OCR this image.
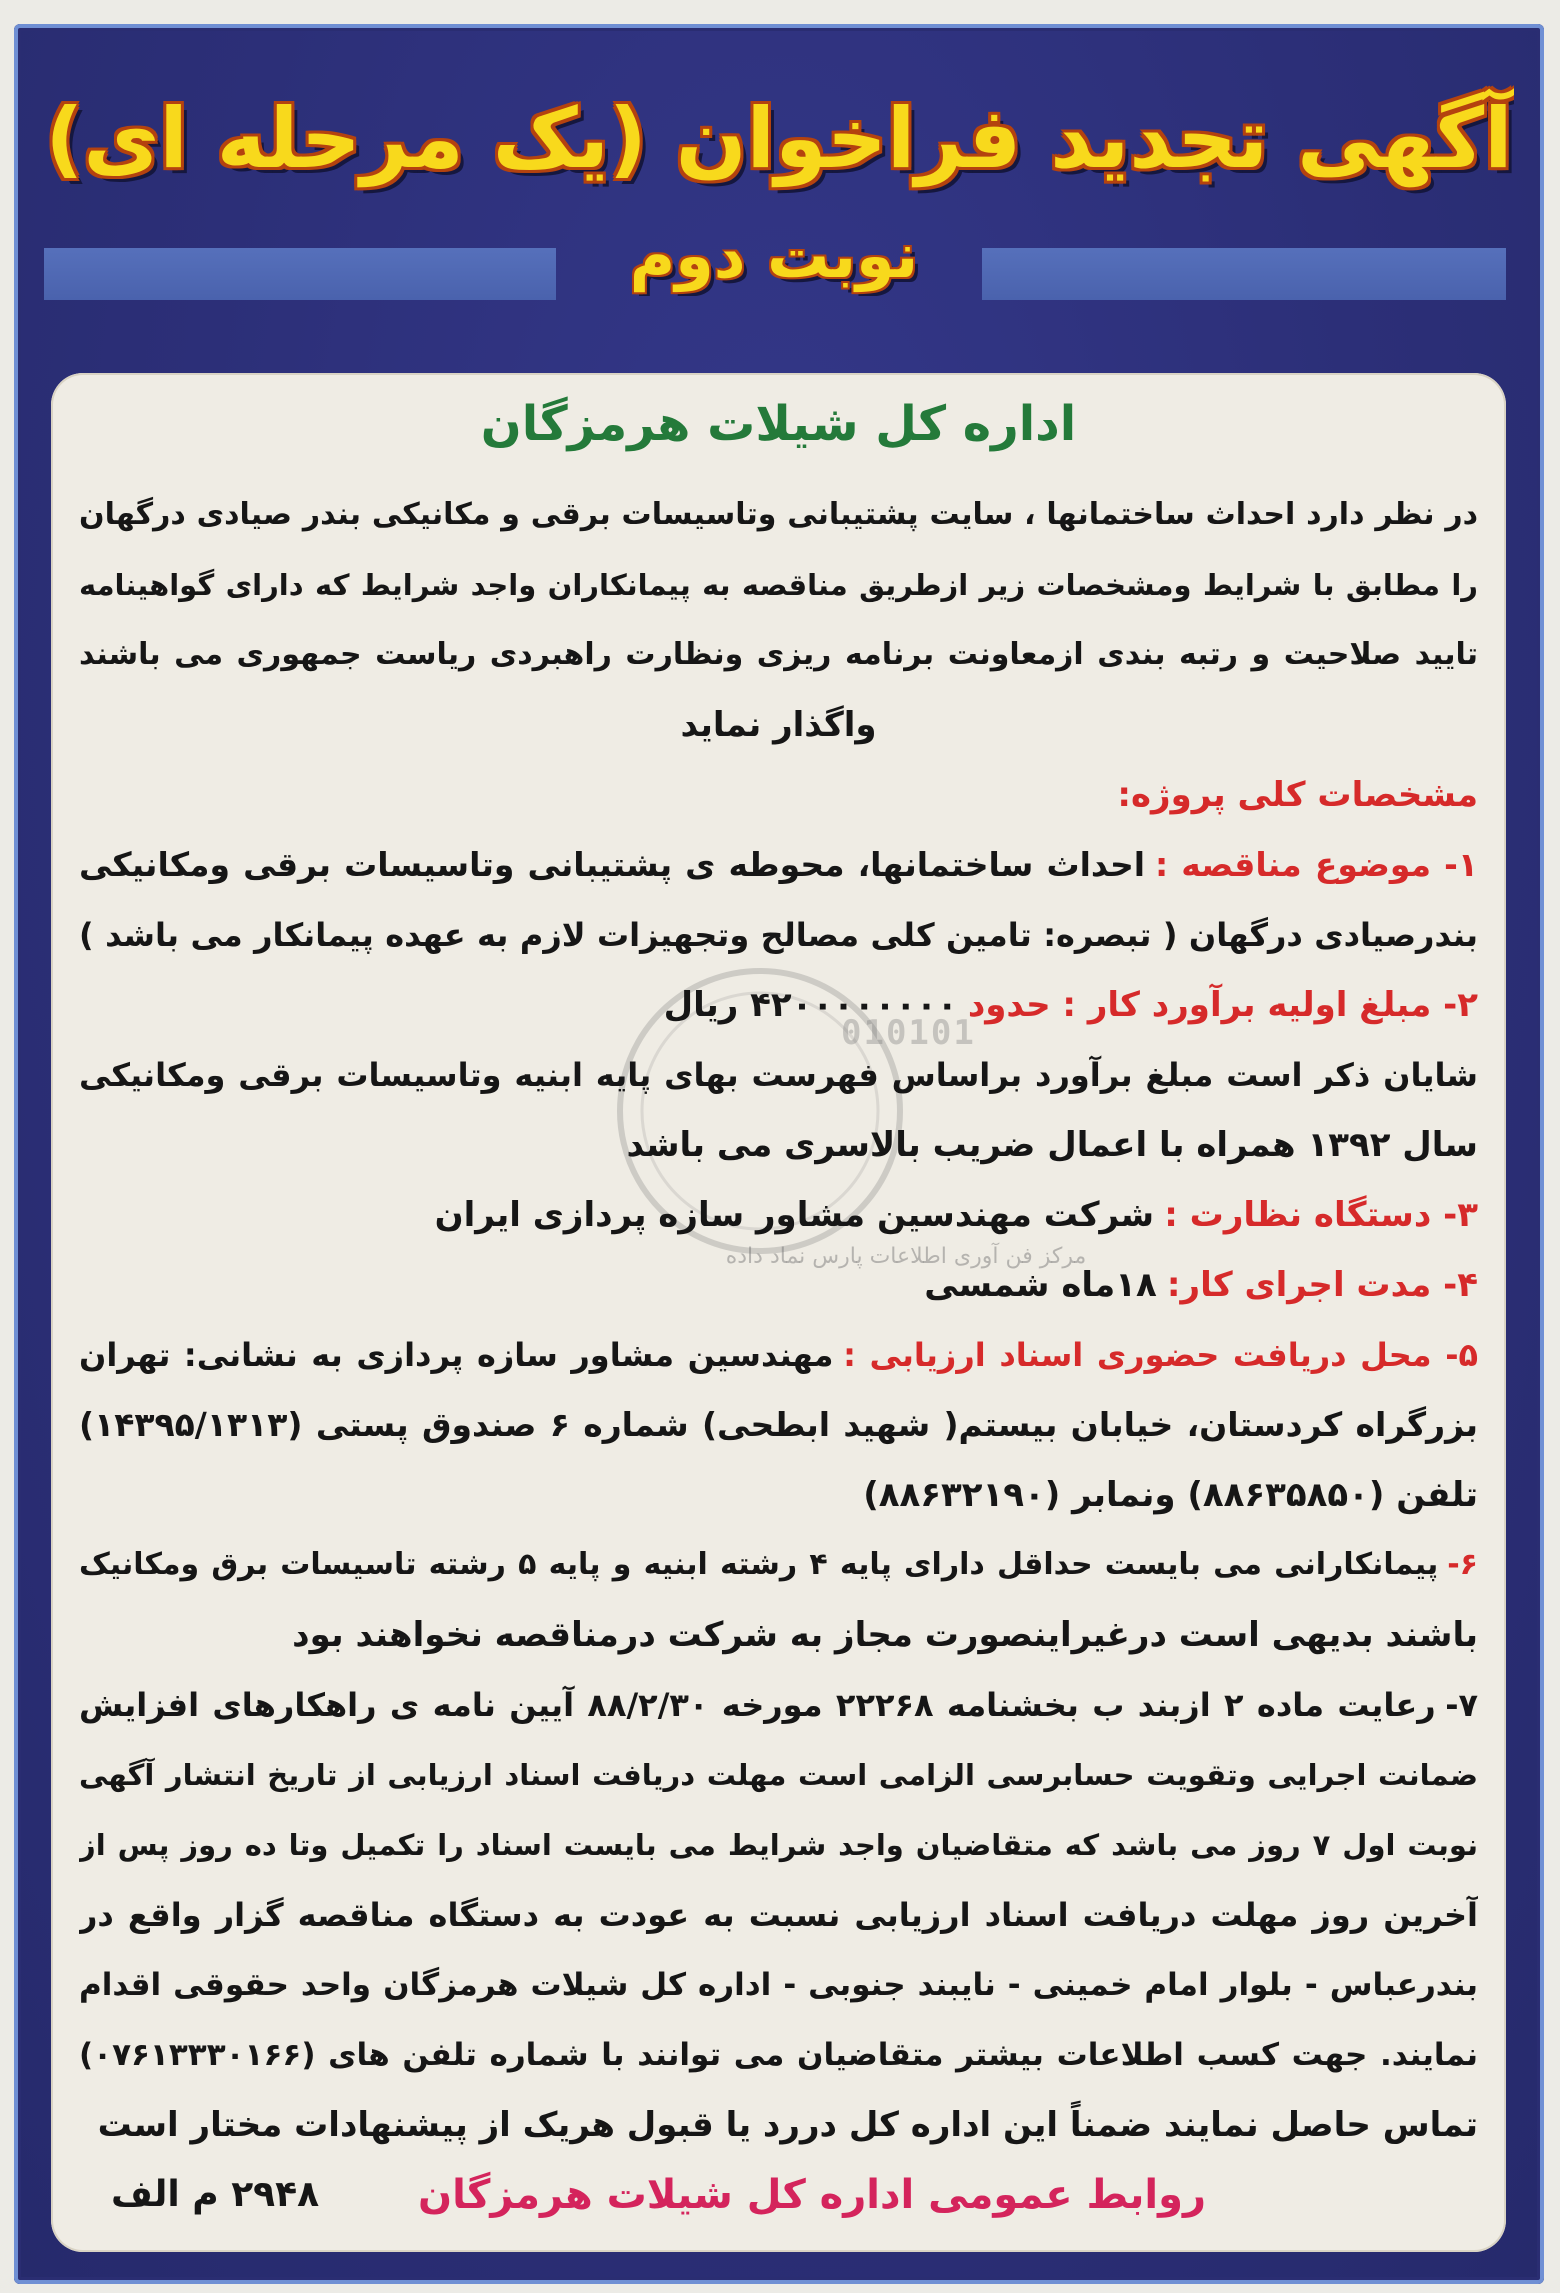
آگهی تجدید فراخوان (یک مرحله ای)
نوبت دوم
010101
مرکز فن آوری اطلاعات پارس نماد داده
اداره کل شیلات هرمزگان
در نظر دارد احداث ساختمانها ، سایت پشتیبانی وتاسیسات برقی و مکانیکی بندر صیادی درگهان
را مطابق با شرایط ومشخصات زیر ازطریق مناقصه به پیمانکاران واجد شرایط که دارای گواهینامه
تایید صلاحیت و رتبه بندی ازمعاونت برنامه ریزی ونظارت راهبردی ریاست جمهوری می باشند
واگذار نماید
مشخصات کلی پروژه:
۱- موضوع مناقصه :احداث ساختمانها، محوطه ی پشتیبانی وتاسیسات برقی ومکانیکی
بندرصیادی درگهان ( تبصره: تامین کلی مصالح وتجهیزات لازم به عهده پیمانکار می باشد )
۲- مبلغ اولیه برآورد کار : حدود۴۲۰۰۰۰۰۰۰۰ ریال
شایان ذکر است مبلغ برآورد براساس فهرست بهای پایه ابنیه وتاسیسات برقی ومکانیکی
سال ۱۳۹۲ همراه با اعمال ضریب بالاسری می باشد
۳- دستگاه نظارت :شرکت مهندسین مشاور سازه پردازی ایران
۴- مدت اجرای کار:۱۸ماه شمسی
۵- محل دریافت حضوری اسناد ارزیابی :مهندسین مشاور سازه پردازی به نشانی: تهران
بزرگراه کردستان، خیابان بیستم( شهید ابطحی) شماره ۶ صندوق پستی (۱۴۳۹۵/۱۳۱۳)
تلفن (۸۸۶۳۵۸۵۰) ونمابر (۸۸۶۳۲۱۹۰)
۶-پیمانکارانی می بایست حداقل دارای پایه ۴ رشته ابنیه و پایه ۵ رشته تاسیسات برق ومکانیک
باشند بدیهی است درغیراینصورت مجاز به شرکت درمناقصه نخواهند بود
۷-رعایت ماده ۲ ازبند ب بخشنامه ۲۲۲۶۸ مورخه ۸۸/۲/۳۰ آیین نامه ی راهکارهای افزایش
ضمانت اجرایی وتقویت حسابرسی الزامی است مهلت دریافت اسناد ارزیابی از تاریخ انتشار آگهی
نوبت اول ۷ روز می باشد که متقاضیان واجد شرایط می بایست اسناد را تکمیل وتا ده روز پس از
آخرین روز مهلت دریافت اسناد ارزیابی نسبت به عودت به دستگاه مناقصه گزار واقع در
بندرعباس - بلوار امام خمینی - نایبند جنوبی - اداره کل شیلات هرمزگان واحد حقوقی اقدام
نمایند. جهت کسب اطلاعات بیشتر متقاضیان می توانند با شماره تلفن های (۰۷۶۱۳۳۳۰۱۶۶)
تماس حاصل نمایند ضمناً این اداره کل دررد یا قبول هریک از پیشنهادات مختار است
روابط عمومی اداره کل شیلات هرمزگان
۲۹۴۸ م الف
